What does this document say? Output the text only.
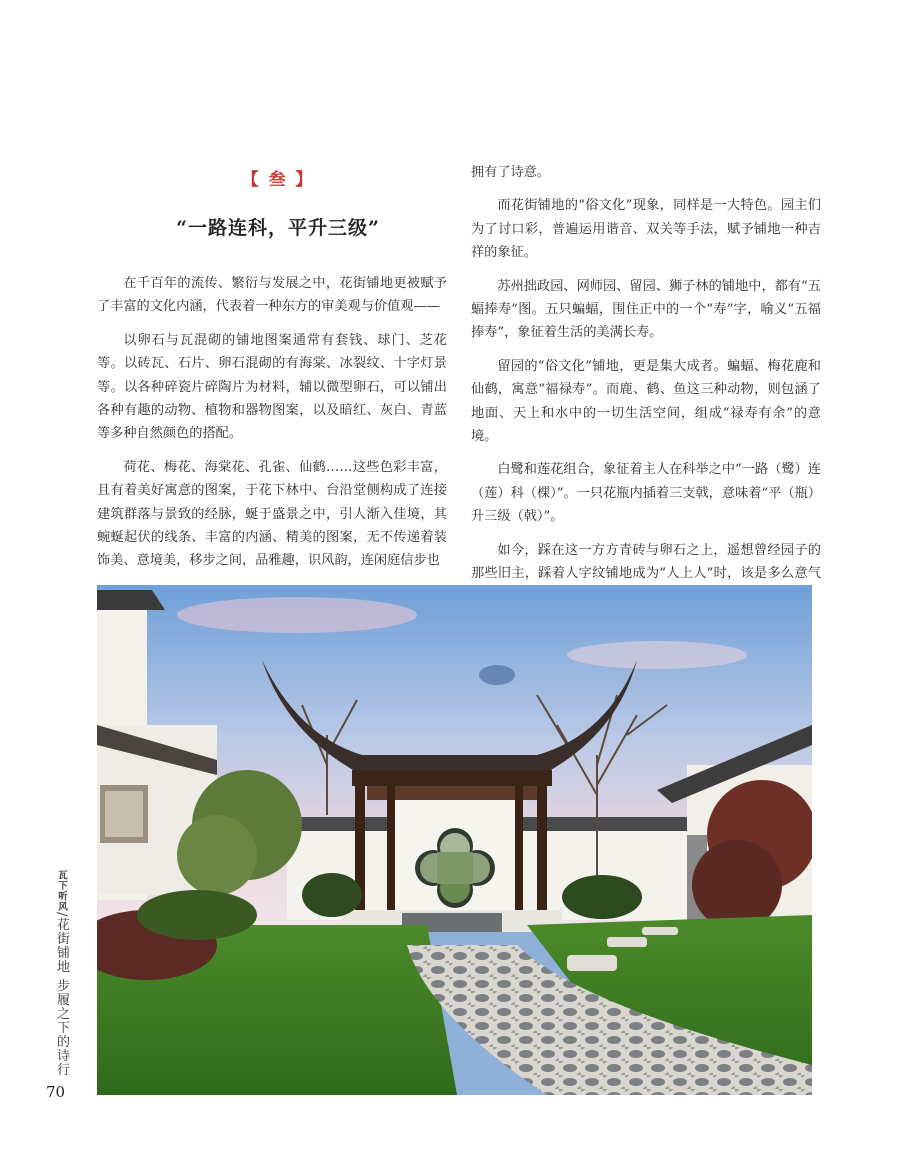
【 叁 】
“一路连科，平升三级”

在千百年的流传、繁衍与发展之中，花街铺地更被赋予了丰富的文化内涵，代表着一种东方的审美观与价值观——

以卵石与瓦混砌的铺地图案通常有套钱、球门、芝花等。以砖瓦、石片、卵石混砌的有海棠、冰裂纹、十字灯景等。以各种碎瓷片碎陶片为材料，辅以微型卵石，可以铺出各种有趣的动物、植物和器物图案，以及暗红、灰白、青蓝等多种自然颜色的搭配。

荷花、梅花、海棠花、孔雀、仙鹤……这些色彩丰富，且有着美好寓意的图案，于花下林中、台沿堂侧构成了连接建筑群落与景致的经脉，蜒于盛景之中，引人渐入佳境，其蜿蜒起伏的线条、丰富的内涵、精美的图案，无不传递着装饰美、意境美，移步之间，品雅趣，识风韵，连闲庭信步也

拥有了诗意。

而花街铺地的“俗文化”现象，同样是一大特色。园主们为了讨口彩，普遍运用谐音、双关等手法，赋予铺地一种吉祥的象征。

苏州拙政园、网师园、留园、狮子林的铺地中，都有“五蝠捧寿”图。五只蝙蝠，围住正中的一个“寿”字，喻义“五福捧寿”，象征着生活的美满长寿。

留园的“俗文化”铺地，更是集大成者。蝙蝠、梅花鹿和仙鹤，寓意“福禄寿”。而鹿、鹤、鱼这三种动物，则包涵了地面、天上和水中的一切生活空间，组成“禄寿有余”的意境。

白鹭和莲花组合，象征着主人在科举之中“一路（鹭）连（莲）科（棵）”。一只花瓶内插着三支戟，意味着“平（瓶）升三级（戟）”。

如今，踩在这一方方青砖与卵石之上，遥想曾经园子的那些旧主，踩着人字纹铺地成为“人上人”时，该是多么意气

瓦下听风/花街铺地 步履之下的诗行
70
